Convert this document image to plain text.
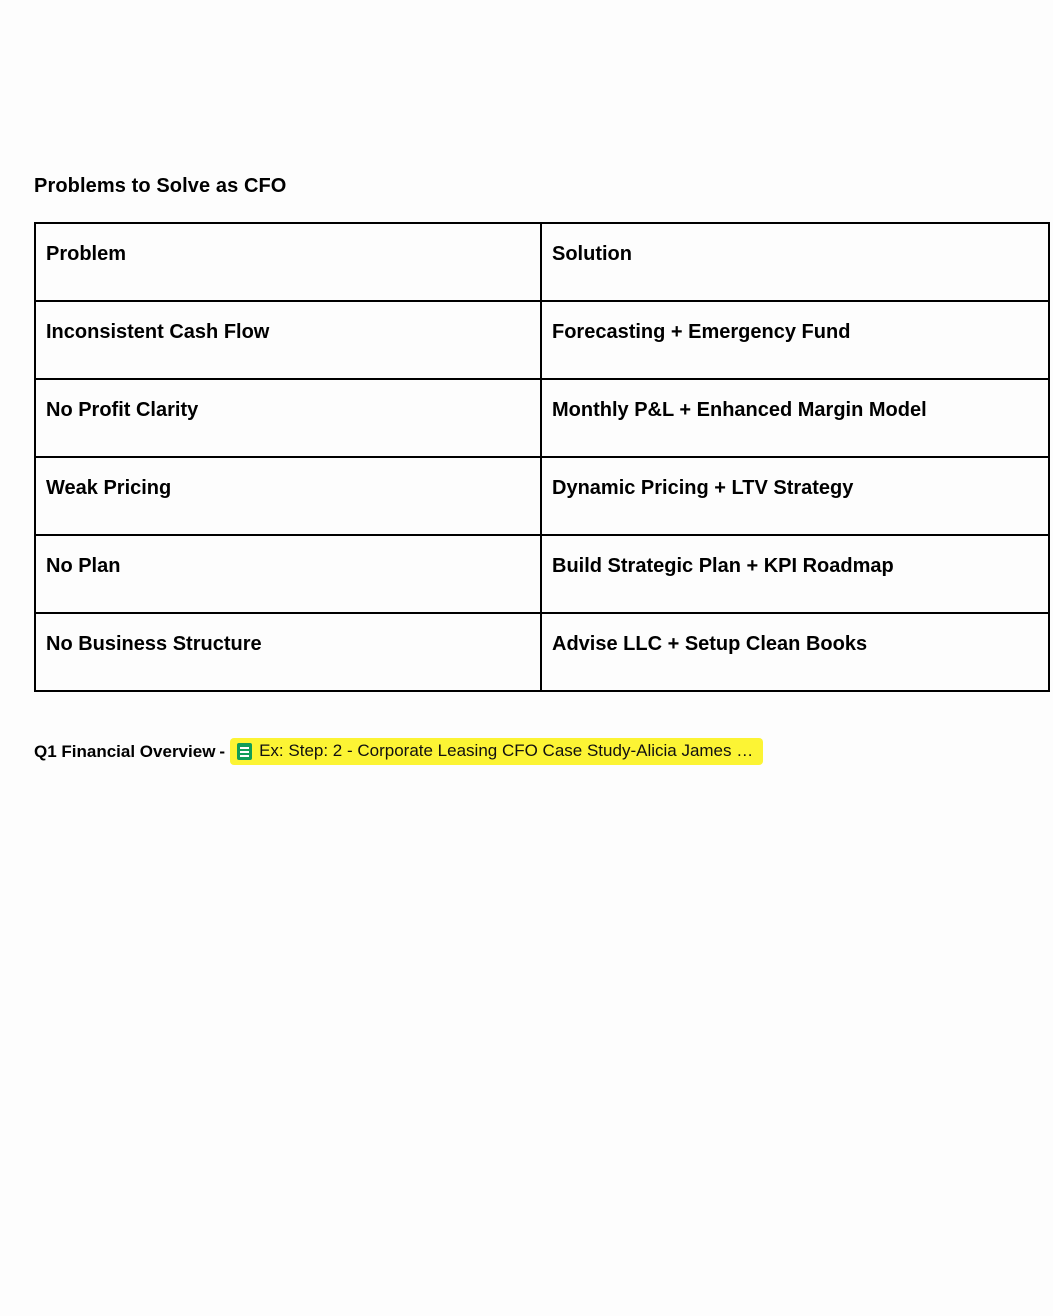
Problems to Solve as CFO
Problem	Solution
Inconsistent Cash Flow	Forecasting + Emergency Fund
No Profit Clarity	Monthly P&L + Enhanced Margin Model
Weak Pricing	Dynamic Pricing + LTV Strategy
No Plan	Build Strategic Plan + KPI Roadmap
No Business Structure	Advise LLC + Setup Clean Books
Q1 Financial Overview - Ex: Step: 2 - Corporate Leasing CFO Case Study-Alicia James …
